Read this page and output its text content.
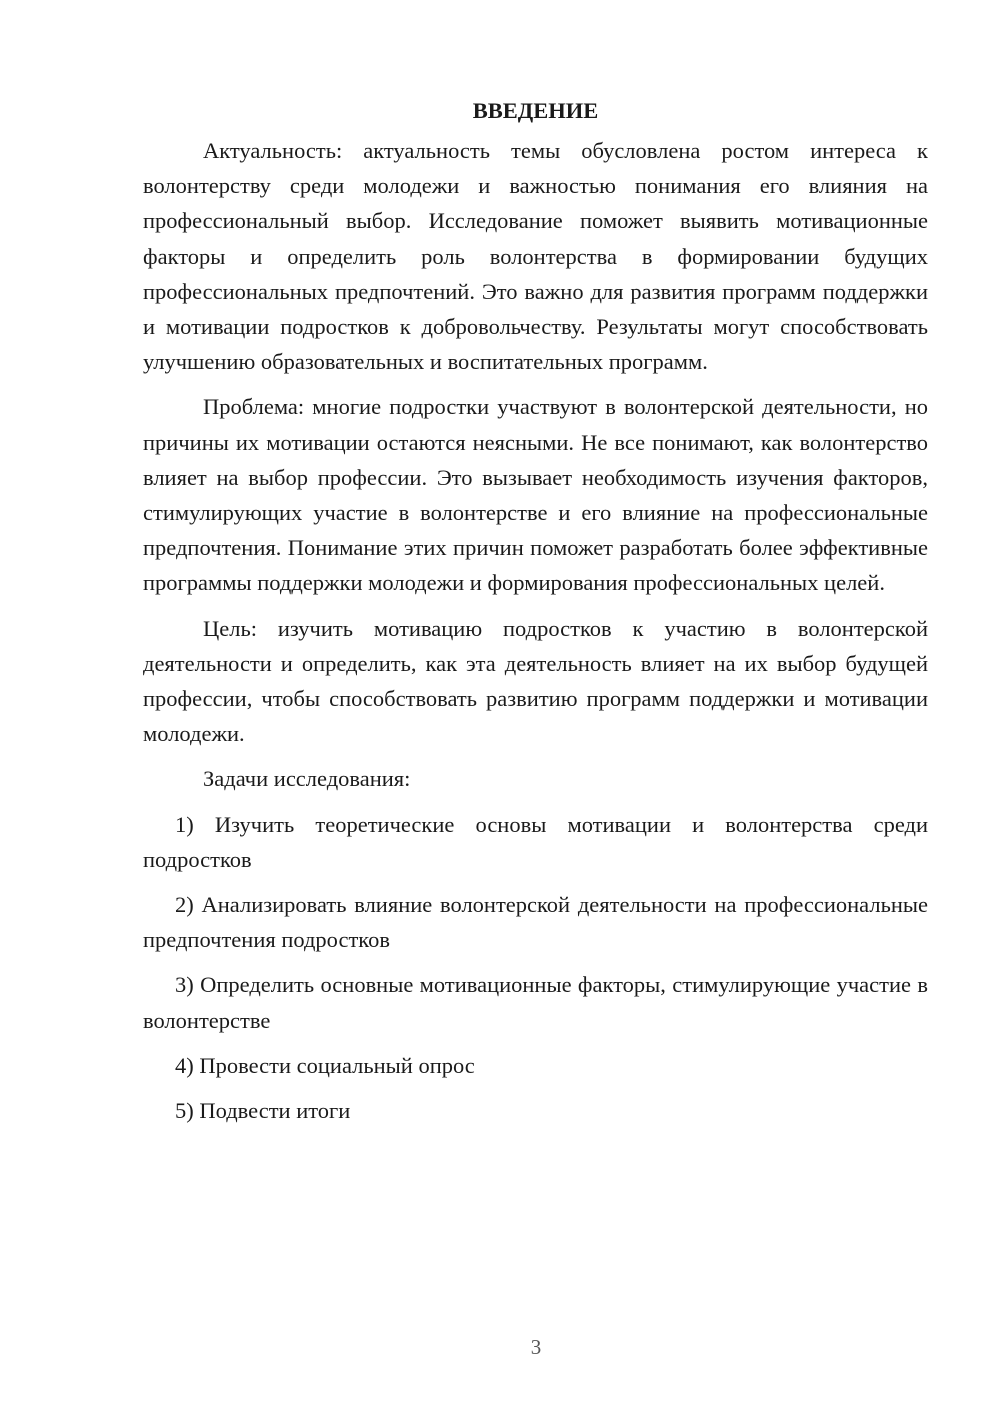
ВВЕДЕНИЕ

Актуальность: актуальность темы обусловлена ростом интереса к волонтерству среди молодежи и важностью понимания его влияния на профессиональный выбор. Исследование поможет выявить мотивационные факторы и определить роль волонтерства в формировании будущих профессиональных предпочтений. Это важно для развития программ поддержки и мотивации подростков к добровольчеству. Результаты могут способствовать улучшению образовательных и воспитательных программ.

Проблема: многие подростки участвуют в волонтерской деятельности, но причины их мотивации остаются неясными. Не все понимают, как волонтерство влияет на выбор профессии. Это вызывает необходимость изучения факторов, стимулирующих участие в волонтерстве и его влияние на профессиональные предпочтения. Понимание этих причин поможет разработать более эффективные программы поддержки молодежи и формирования профессиональных целей.

Цель: изучить мотивацию подростков к участию в волонтерской деятельности и определить, как эта деятельность влияет на их выбор будущей профессии, чтобы способствовать развитию программ поддержки и мотивации молодежи.

Задачи исследования:

1) Изучить теоретические основы мотивации и волонтерства среди подростков

2) Анализировать влияние волонтерской деятельности на профессиональные предпочтения подростков

3) Определить основные мотивационные факторы, стимулирующие участие в волонтерстве

4) Провести социальный опрос

5) Подвести итоги

3
